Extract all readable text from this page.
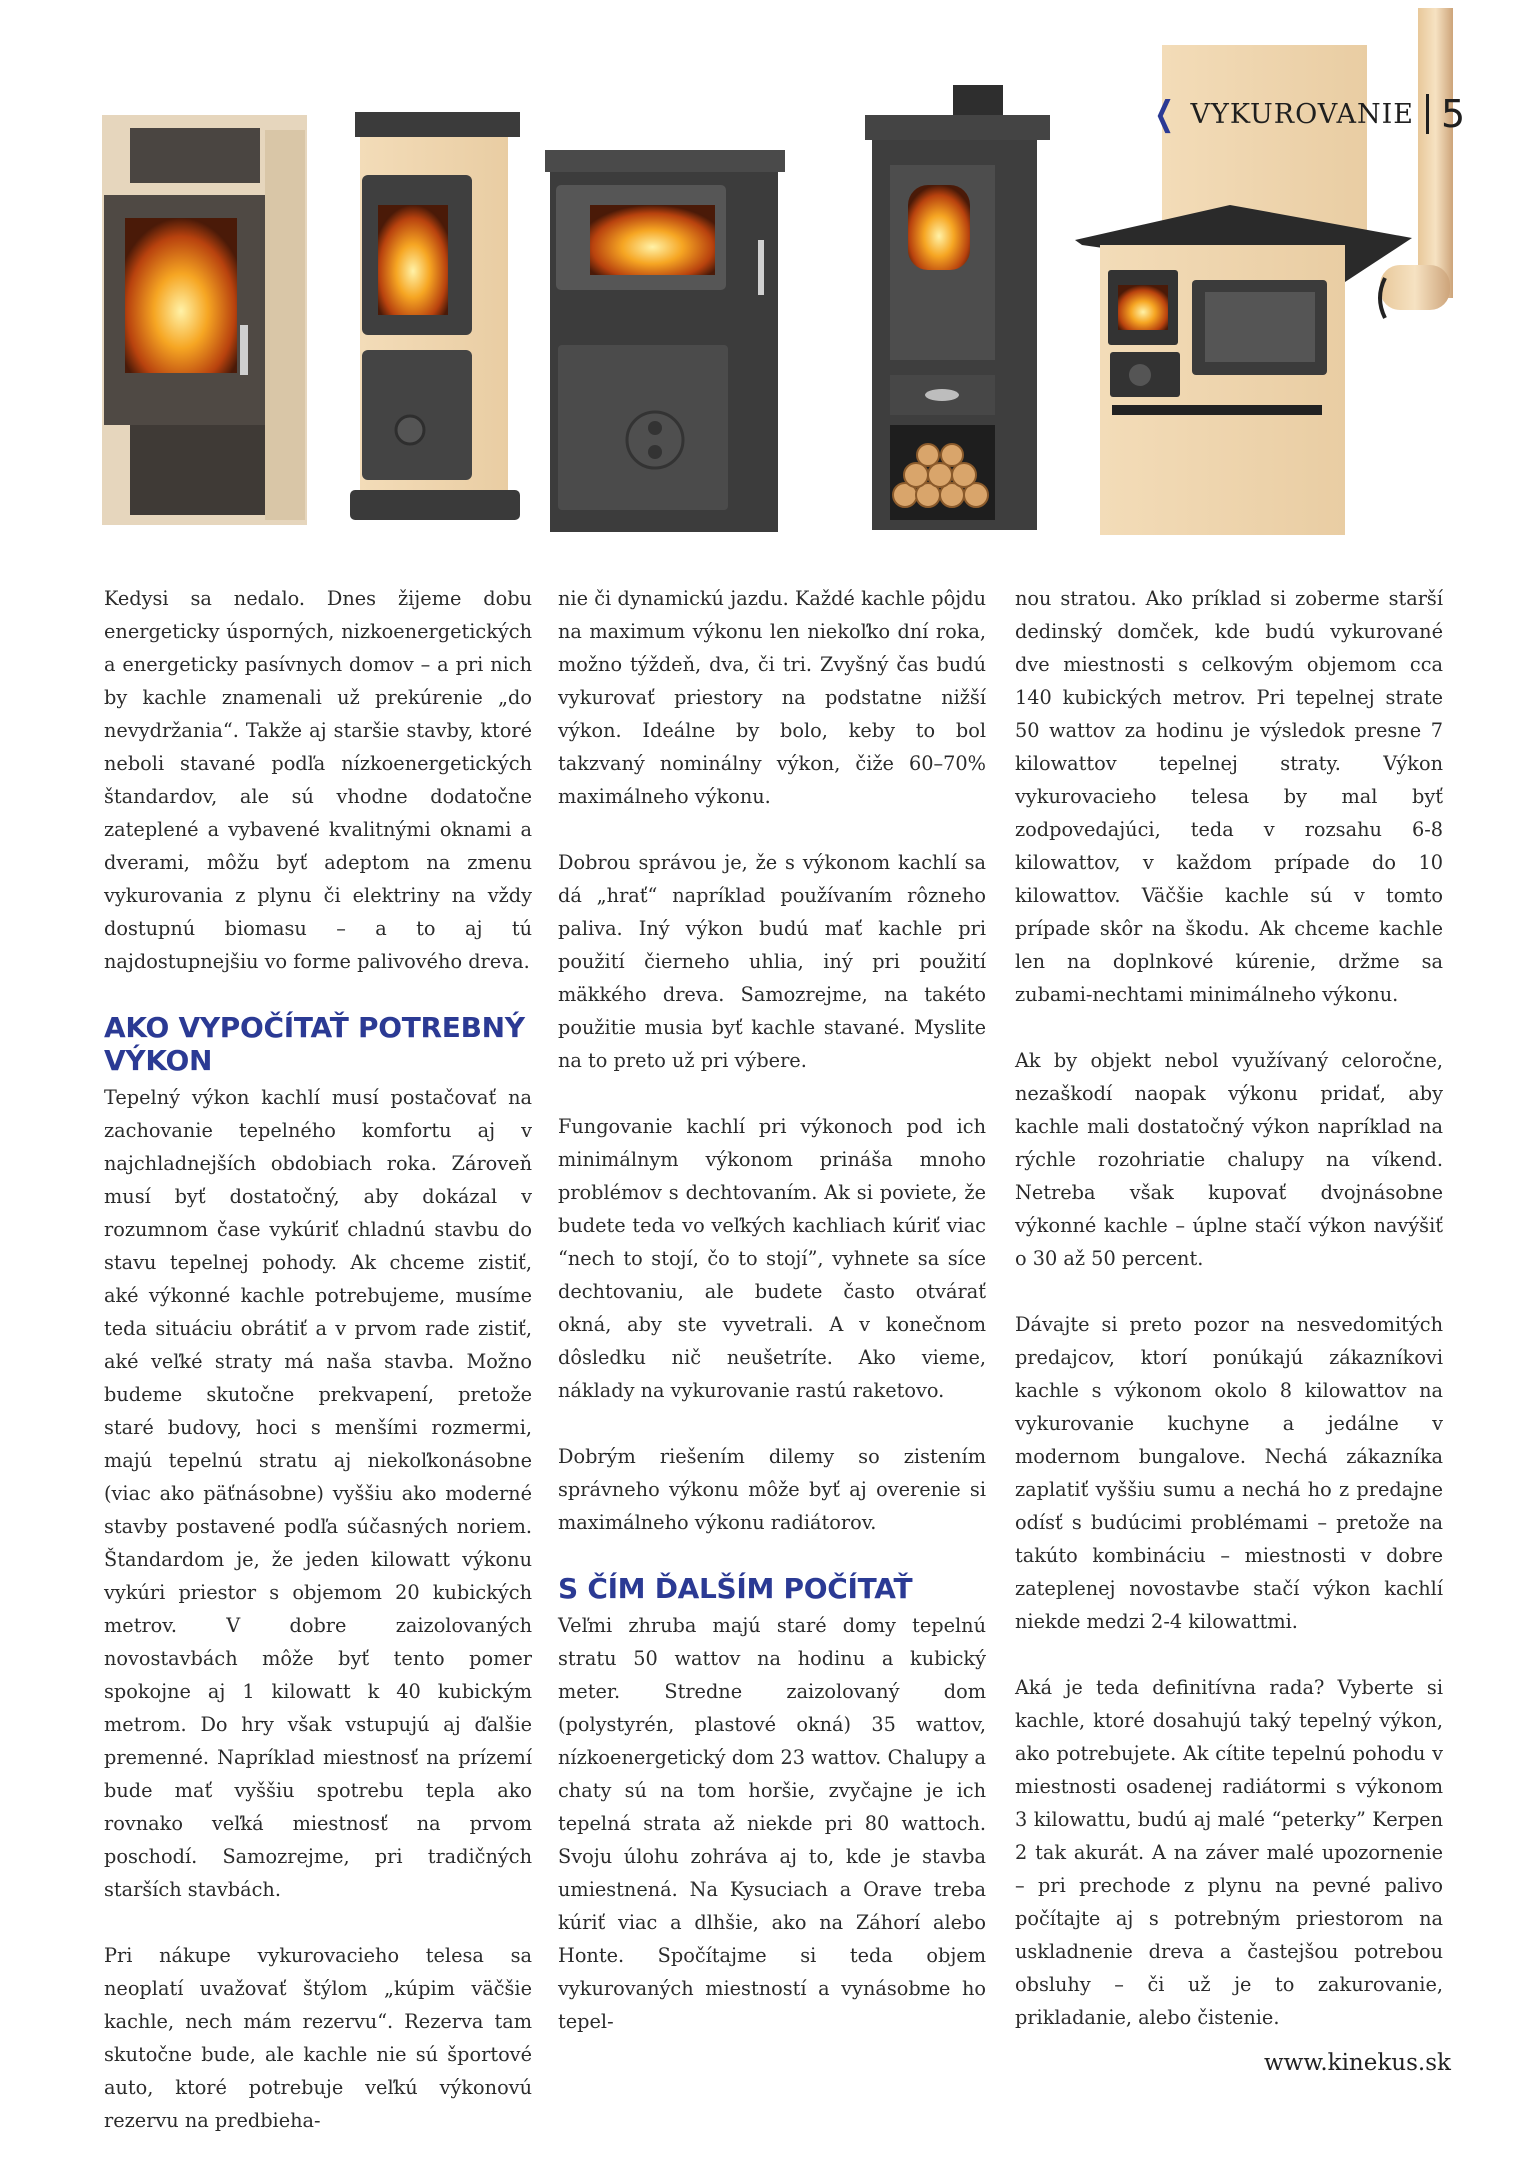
❮ VYKUROVANIE 5

Kedysi sa nedalo. Dnes žijeme dobu energeticky úsporných, nizkoenergetických a energeticky pasívnych domov – a pri nich by kachle znamenali už prekúrenie „do nevydržania“. Takže aj staršie stavby, ktoré neboli stavané podľa nízkoenergetických štandardov, ale sú vhodne dodatočne zateplené a vybavené kvalitnými oknami a dverami, môžu byť adeptom na zmenu vykurovania z plynu či elektriny na vždy dostupnú biomasu – a to aj tú najdostupnejšiu vo forme palivového dreva.

AKO VYPOČÍTAŤ POTREBNÝ VÝKON

Tepelný výkon kachlí musí postačovať na zachovanie tepelného komfortu aj v najchladnejších obdobiach roka. Zároveň musí byť dostatočný, aby dokázal v rozumnom čase vykúriť chladnú stavbu do stavu tepelnej pohody. Ak chceme zistiť, aké výkonné kachle potrebujeme, musíme teda situáciu obrátiť a v prvom rade zistiť, aké veľké straty má naša stavba. Možno budeme skutočne prekvapení, pretože staré budovy, hoci s menšími rozmermi, majú tepelnú stratu aj niekoľkonásobne (viac ako päťnásobne) vyššiu ako moderné stavby postavené podľa súčasných noriem. Štandardom je, že jeden kilowatt výkonu vykúri priestor s objemom 20 kubických metrov. V dobre zaizolovaných novostavbách môže byť tento pomer spokojne aj 1 kilowatt k 40 kubickým metrom. Do hry však vstupujú aj ďalšie premenné. Napríklad miestnosť na prízemí bude mať vyššiu spotrebu tepla ako rovnako veľká miestnosť na prvom poschodí. Samozrejme, pri tradičných starších stavbách.

Pri nákupe vykurovacieho telesa sa neoplatí uvažovať štýlom „kúpim väčšie kachle, nech mám rezervu“. Rezerva tam skutočne bude, ale kachle nie sú športové auto, ktoré potrebuje veľkú výkonovú rezervu na predbieha-

nie či dynamickú jazdu. Každé kachle pôjdu na maximum výkonu len niekoľko dní roka, možno týždeň, dva, či tri. Zvyšný čas budú vykurovať priestory na podstatne nižší výkon. Ideálne by bolo, keby to bol takzvaný nominálny výkon, čiže 60–70% maximálneho výkonu.

Dobrou správou je, že s výkonom kachlí sa dá „hrať“ napríklad používaním rôzneho paliva. Iný výkon budú mať kachle pri použití čierneho uhlia, iný pri použití mäkkého dreva. Samozrejme, na takéto použitie musia byť kachle stavané. Myslite na to preto už pri výbere.

Fungovanie kachlí pri výkonoch pod ich minimálnym výkonom prináša mnoho problémov s dechtovaním. Ak si poviete, že budete teda vo veľkých kachliach kúriť viac “nech to stojí, čo to stojí”, vyhnete sa síce dechtovaniu, ale budete často otvárať okná, aby ste vyvetrali. A v konečnom dôsledku nič neušetríte. Ako vieme, náklady na vykurovanie rastú raketovo.

Dobrým riešením dilemy so zistením správneho výkonu môže byť aj overenie si maximálneho výkonu radiátorov.

S ČÍM ĎALŠÍM POČÍTAŤ

Veľmi zhruba majú staré domy tepelnú stratu 50 wattov na hodinu a kubický meter. Stredne zaizolovaný dom (polystyrén, plastové okná) 35 wattov, nízkoenergetický dom 23 wattov. Chalupy a chaty sú na tom horšie, zvyčajne je ich tepelná strata až niekde pri 80 wattoch. Svoju úlohu zohráva aj to, kde je stavba umiestnená. Na Kysuciach a Orave treba kúriť viac a dlhšie, ako na Záhorí alebo Honte. Spočítajme si teda objem vykurovaných miestností a vynásobme ho tepel-

nou stratou. Ako príklad si zoberme starší dedinský domček, kde budú vykurované dve miestnosti s celkovým objemom cca 140 kubických metrov. Pri tepelnej strate 50 wattov za hodinu je výsledok presne 7 kilowattov tepelnej straty. Výkon vykurovacieho telesa by mal byť zodpovedajúci, teda v rozsahu 6-8 kilowattov, v každom prípade do 10 kilowattov. Väčšie kachle sú v tomto prípade skôr na škodu. Ak chceme kachle len na doplnkové kúrenie, držme sa zubami-nechtami minimálneho výkonu.

Ak by objekt nebol využívaný celoročne, nezaškodí naopak výkonu pridať, aby kachle mali dostatočný výkon napríklad na rýchle rozohriatie chalupy na víkend. Netreba však kupovať dvojnásobne výkonné kachle – úplne stačí výkon navýšiť o 30 až 50 percent.

Dávajte si preto pozor na nesvedomitých predajcov, ktorí ponúkajú zákazníkovi kachle s výkonom okolo 8 kilowattov na vykurovanie kuchyne a jedálne v modernom bungalove. Nechá zákazníka zaplatiť vyššiu sumu a nechá ho z predajne odísť s budúcimi problémami – pretože na takúto kombináciu – miestnosti v dobre zateplenej novostavbe stačí výkon kachlí niekde medzi 2-4 kilowattmi.

Aká je teda definitívna rada? Vyberte si kachle, ktoré dosahujú taký tepelný výkon, ako potrebujete. Ak cítite tepelnú pohodu v miestnosti osadenej radiátormi s výkonom 3 kilowattu, budú aj malé “peterky” Kerpen 2 tak akurát. A na záver malé upozornenie – pri prechode z plynu na pevné palivo počítajte aj s potrebným priestorom na uskladnenie dreva a častejšou potrebou obsluhy – či už je to zakurovanie, prikladanie, alebo čistenie.

www.kinekus.sk
